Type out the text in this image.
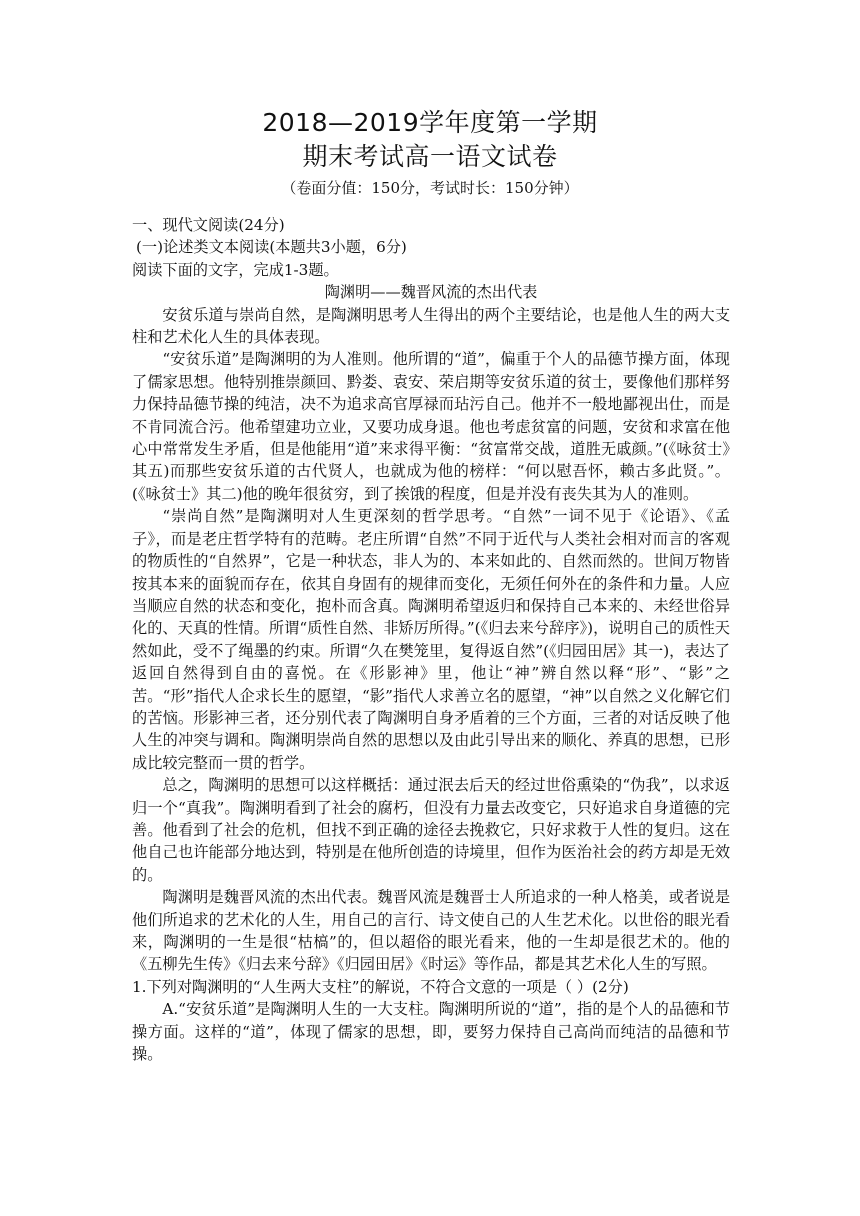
2018—2019学年度第一学期
期末考试高一语文试卷
（卷面分值：150分，考试时长：150分钟）

一、现代文阅读(24分)

(一)论述类文本阅读(本题共3小题，6分)

阅读下面的文字，完成1-3题。

陶渊明——魏晋风流的杰出代表

安贫乐道与崇尚自然，是陶渊明思考人生得出的两个主要结论，也是他人生的两大支柱和艺术化人生的具体表现。

“安贫乐道”是陶渊明的为人准则。他所谓的“道”，偏重于个人的品德节操方面，体现了儒家思想。他特别推崇颜回、黔娄、袁安、荣启期等安贫乐道的贫士，要像他们那样努力保持品德节操的纯洁，决不为追求高官厚禄而玷污自己。他并不一般地鄙视出仕，而是不肯同流合污。他希望建功立业，又要功成身退。他也考虑贫富的问题，安贫和求富在他心中常常发生矛盾，但是他能用“道”来求得平衡：“贫富常交战，道胜无戚颜。”(《咏贫士》其五)而那些安贫乐道的古代贤人，也就成为他的榜样：“何以慰吾怀，赖古多此贤。”。(《咏贫士》其二)他的晚年很贫穷，到了挨饿的程度，但是并没有丧失其为人的准则。

“崇尚自然”是陶渊明对人生更深刻的哲学思考。“自然”一词不见于《论语》、《孟子》，而是老庄哲学特有的范畴。老庄所谓“自然”不同于近代与人类社会相对而言的客观的物质性的“自然界”，它是一种状态，非人为的、本来如此的、自然而然的。世间万物皆按其本来的面貌而存在，依其自身固有的规律而变化，无须任何外在的条件和力量。人应当顺应自然的状态和变化，抱朴而含真。陶渊明希望返归和保持自己本来的、未经世俗异化的、天真的性情。所谓“质性自然、非矫厉所得。”(《归去来兮辞序》)，说明自己的质性天然如此，受不了绳墨的约束。所谓“久在樊笼里，复得返自然”(《归园田居》其一)，表达了返回自然得到自由的喜悦。在《形影神》里，他让“神”辨自然以释“形”、“影”之苦。“形”指代人企求长生的愿望，“影”指代人求善立名的愿望，“神”以自然之义化解它们的苦恼。形影神三者，还分别代表了陶渊明自身矛盾着的三个方面，三者的对话反映了他人生的冲突与调和。陶渊明崇尚自然的思想以及由此引导出来的顺化、养真的思想，已形成比较完整而一贯的哲学。

总之，陶渊明的思想可以这样概括：通过泯去后天的经过世俗熏染的“伪我”，以求返归一个“真我”。陶渊明看到了社会的腐朽，但没有力量去改变它，只好追求自身道德的完善。他看到了社会的危机，但找不到正确的途径去挽救它，只好求救于人性的复归。这在他自己也许能部分地达到，特别是在他所创造的诗境里，但作为医治社会的药方却是无效的。

陶渊明是魏晋风流的杰出代表。魏晋风流是魏晋士人所追求的一种人格美，或者说是他们所追求的艺术化的人生，用自己的言行、诗文使自己的人生艺术化。以世俗的眼光看来，陶渊明的一生是很“枯槁”的，但以超俗的眼光看来，他的一生却是很艺术的。他的《五柳先生传》《归去来兮辞》《归园田居》《时运》等作品，都是其艺术化人生的写照。

1.下列对陶渊明的“人生两大支柱”的解说，不符合文意的一项是（ ）(2分)

A.“安贫乐道”是陶渊明人生的一大支柱。陶渊明所说的“道”，指的是个人的品德和节操方面。这样的“道”，体现了儒家的思想，即，要努力保持自己高尚而纯洁的品德和节操。
